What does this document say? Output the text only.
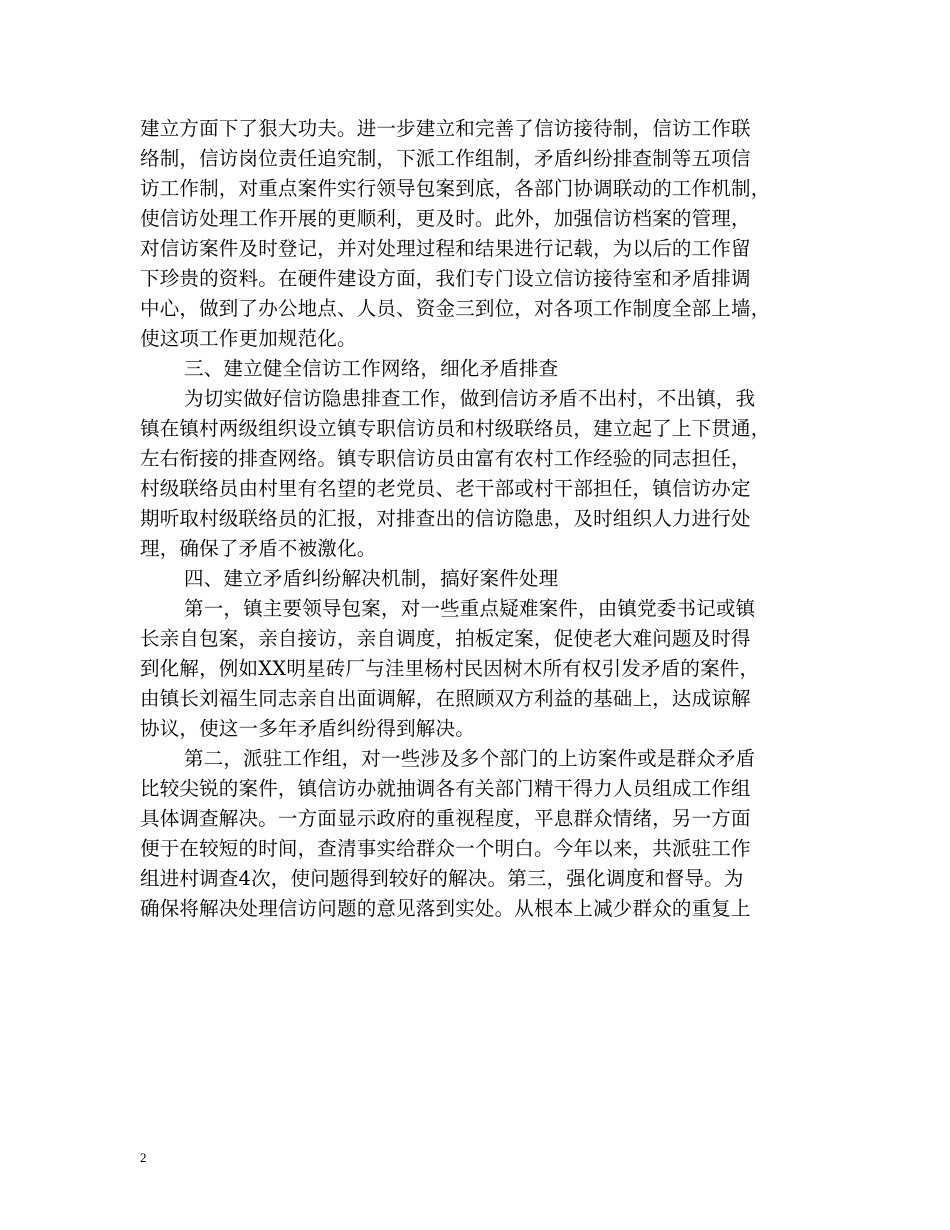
建立方面下了狠大功夫。进一步建立和完善了信访接待制，信访工作联
络制，信访岗位责任追究制，下派工作组制，矛盾纠纷排查制等五项信
访工作制，对重点案件实行领导包案到底，各部门协调联动的工作机制，
使信访处理工作开展的更顺利，更及时。此外，加强信访档案的管理，
对信访案件及时登记，并对处理过程和结果进行记载，为以后的工作留
下珍贵的资料。在硬件建设方面，我们专门设立信访接待室和矛盾排调
中心，做到了办公地点、人员、资金三到位，对各项工作制度全部上墙，
使这项工作更加规范化。
三、建立健全信访工作网络，细化矛盾排查
为切实做好信访隐患排查工作，做到信访矛盾不出村，不出镇，我
镇在镇村两级组织设立镇专职信访员和村级联络员，建立起了上下贯通，
左右衔接的排查网络。镇专职信访员由富有农村工作经验的同志担任，
村级联络员由村里有名望的老党员、老干部或村干部担任，镇信访办定
期听取村级联络员的汇报，对排查出的信访隐患，及时组织人力进行处
理，确保了矛盾不被激化。
四、建立矛盾纠纷解决机制，搞好案件处理
第一，镇主要领导包案，对一些重点疑难案件，由镇党委书记或镇
长亲自包案，亲自接访，亲自调度，拍板定案，促使老大难问题及时得
到化解，例如XX明星砖厂与洼里杨村民因树木所有权引发矛盾的案件，
由镇长刘福生同志亲自出面调解，在照顾双方利益的基础上，达成谅解
协议，使这一多年矛盾纠纷得到解决。
第二，派驻工作组，对一些涉及多个部门的上访案件或是群众矛盾
比较尖锐的案件，镇信访办就抽调各有关部门精干得力人员组成工作组
具体调查解决。一方面显示政府的重视程度，平息群众情绪，另一方面
便于在较短的时间，查清事实给群众一个明白。今年以来，共派驻工作
组进村调查4次，使问题得到较好的解决。第三，强化调度和督导。为
确保将解决处理信访问题的意见落到实处。从根本上减少群众的重复上
2
